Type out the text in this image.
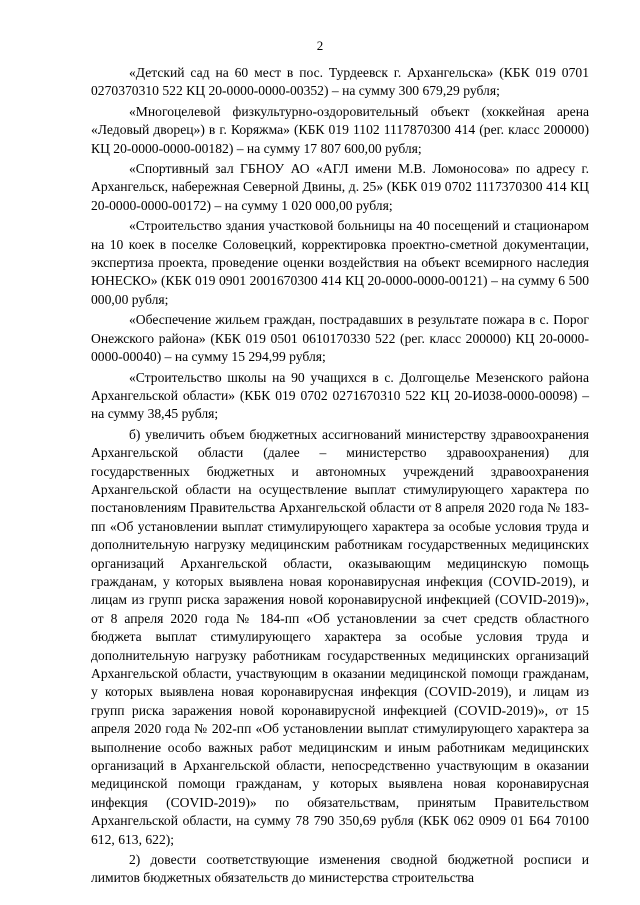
2

«Детский сад на 60 мест в пос. Турдеевск г. Архангельска» (КБК 019 0701 0270370310 522 КЦ 20-0000-0000-00352) – на сумму 300 679,29 рубля;

«Многоцелевой физкультурно-оздоровительный объект (хоккейная арена «Ледовый дворец») в г. Коряжма» (КБК 019 1102 1117870300 414 (рег. класс 200000) КЦ 20-0000-0000-00182) – на сумму 17 807 600,00 рубля;

«Спортивный зал ГБНОУ АО «АГЛ имени М.В. Ломоносова» по адресу г. Архангельск, набережная Северной Двины, д. 25» (КБК 019 0702 1117370300 414 КЦ 20-0000-0000-00172) – на сумму 1 020 000,00 рубля;

«Строительство здания участковой больницы на 40 посещений и стационаром на 10 коек в поселке Соловецкий, корректировка проектно-сметной документации, экспертиза проекта, проведение оценки воздействия на объект всемирного наследия ЮНЕСКО» (КБК 019 0901 2001670300 414 КЦ 20-0000-0000-00121) – на сумму 6 500 000,00 рубля;

«Обеспечение жильем граждан, пострадавших в результате пожара в с. Порог Онежского района» (КБК 019 0501 0610170330 522 (рег. класс 200000) КЦ 20-0000-0000-00040) – на сумму 15 294,99 рубля;

«Строительство школы на 90 учащихся в с. Долгощелье Мезенского района Архангельской области» (КБК 019 0702 0271670310 522 КЦ 20-И038-0000-00098) – на сумму 38,45 рубля;

б) увеличить объем бюджетных ассигнований министерству здравоохранения Архангельской области (далее – министерство здравоохранения) для государственных бюджетных и автономных учреждений здравоохранения Архангельской области на осуществление выплат стимулирующего характера по постановлениям Правительства Архангельской области от 8 апреля 2020 года № 183-пп «Об установлении выплат стимулирующего характера за особые условия труда и дополнительную нагрузку медицинским работникам государственных медицинских организаций Архангельской области, оказывающим медицинскую помощь гражданам, у которых выявлена новая коронавирусная инфекция (COVID-2019), и лицам из групп риска заражения новой коронавирусной инфекцией (COVID-2019)», от 8 апреля 2020 года № 184-пп «Об установлении за счет средств областного бюджета выплат стимулирующего характера за особые условия труда и дополнительную нагрузку работникам государственных медицинских организаций Архангельской области, участвующим в оказании медицинской помощи гражданам, у которых выявлена новая коронавирусная инфекция (COVID-2019), и лицам из групп риска заражения новой коронавирусной инфекцией (COVID-2019)», от 15 апреля 2020 года № 202-пп «Об установлении выплат стимулирующего характера за выполнение особо важных работ медицинским и иным работникам медицинских организаций в Архангельской области, непосредственно участвующим в оказании медицинской помощи гражданам, у которых выявлена новая коронавирусная инфекция (COVID-2019)» по обязательствам, принятым Правительством Архангельской области, на сумму 78 790 350,69 рубля (КБК 062 0909 01 Б64 70100 612, 613, 622);

2) довести соответствующие изменения сводной бюджетной росписи и лимитов бюджетных обязательств до министерства строительства
